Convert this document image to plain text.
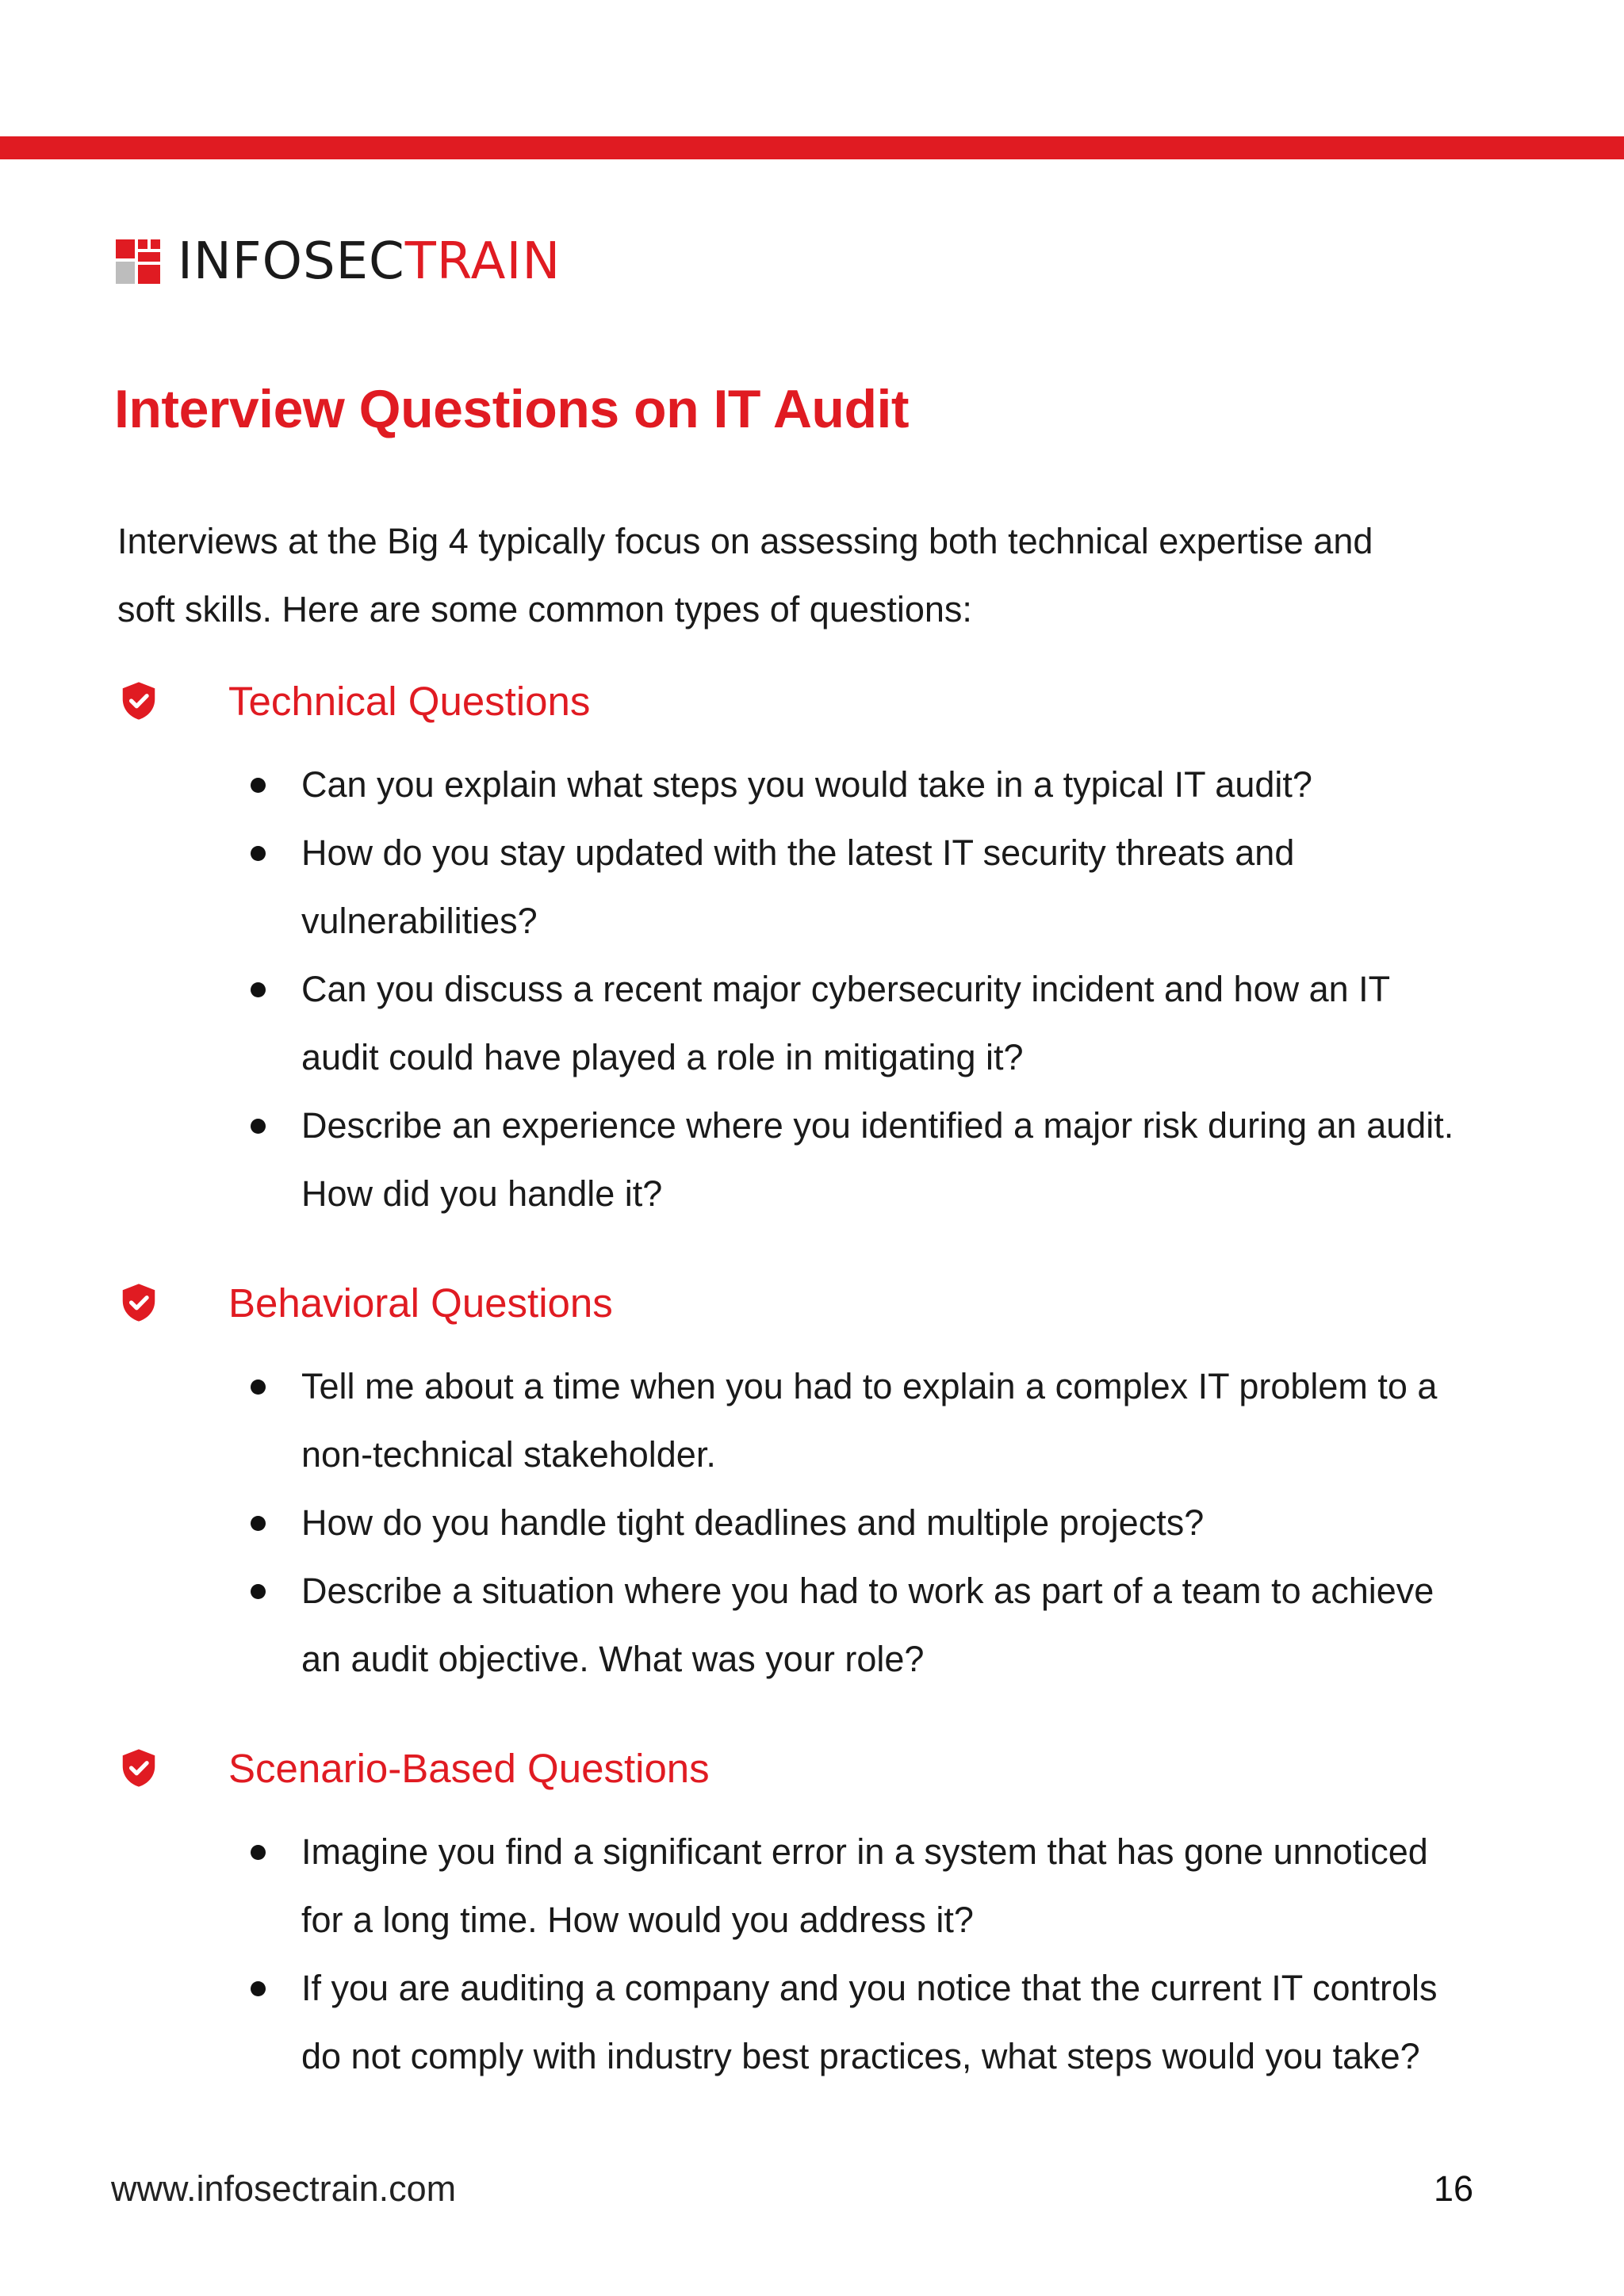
INFOSECTRAIN
Interview Questions on IT Audit

Interviews at the Big 4 typically focus on assessing both technical expertise and soft skills. Here are some common types of questions:

Technical Questions
Can you explain what steps you would take in a typical IT audit?
How do you stay updated with the latest IT security threats and vulnerabilities?
Can you discuss a recent major cybersecurity incident and how an IT audit could have played a role in mitigating it?
Describe an experience where you identified a major risk during an audit. How did you handle it?
Behavioral Questions
Tell me about a time when you had to explain a complex IT problem to a non-technical stakeholder.
How do you handle tight deadlines and multiple projects?
Describe a situation where you had to work as part of a team to achieve an audit objective. What was your role?
Scenario-Based Questions
Imagine you find a significant error in a system that has gone unnoticed for a long time. How would you address it?
If you are auditing a company and you notice that the current IT controls do not comply with industry best practices, what steps would you take?
www.infosectrain.com	16
